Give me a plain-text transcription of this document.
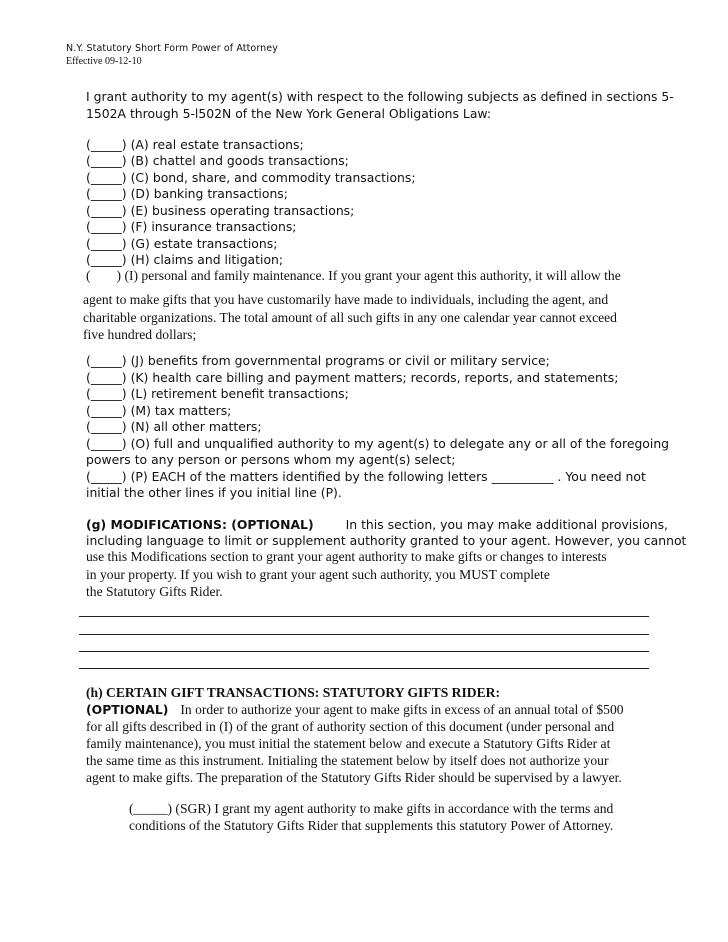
N.Y. Statutory Short Form Power of Attorney
Effective 09-12-10
I grant authority to my agent(s) with respect to the following subjects as defined in sections 5-
1502A through 5-l502N of the New York General Obligations Law:
(_____) (A) real estate transactions;
(_____) (B) chattel and goods transactions;
(_____) (C) bond, share, and commodity transactions;
(_____) (D) banking transactions;
(_____) (E) business operating transactions;
(_____) (F) insurance transactions;
(_____) (G) estate transactions;
(_____) (H) claims and litigation;
( ) (I) personal and family maintenance. If you grant your agent this authority, it will allow the
agent to make gifts that you have customarily have made to individuals, including the agent, and
charitable organizations. The total amount of all such gifts in any one calendar year cannot exceed
five hundred dollars;
(_____) (J) benefits from governmental programs or civil or military service;
(_____) (K) health care billing and payment matters; records, reports, and statements;
(_____) (L) retirement benefit transactions;
(_____) (M) tax matters;
(_____) (N) all other matters;
(_____) (O) full and unqualified authority to my agent(s) to delegate any or all of the foregoing
powers to any person or persons whom my agent(s) select;
(_____) (P) EACH of the matters identified by the following letters __________ . You need not
initial the other lines if you initial line (P).
(g) MODIFICATIONS: (OPTIONAL)	In this section, you may make additional provisions,
including language to limit or supplement authority granted to your agent. However, you cannot
use this Modifications section to grant your agent authority to make gifts or changes to interests
in your property. If you wish to grant your agent such authority, you MUST complete
the Statutory Gifts Rider.
(h) CERTAIN GIFT TRANSACTIONS: STATUTORY GIFTS RIDER:
(OPTIONAL) In order to authorize your agent to make gifts in excess of an annual total of $500
for all gifts described in (I) of the grant of authority section of this document (under personal and
family maintenance), you must initial the statement below and execute a Statutory Gifts Rider at
the same time as this instrument. Initialing the statement below by itself does not authorize your
agent to make gifts. The preparation of the Statutory Gifts Rider should be supervised by a lawyer.
(_____) (SGR) I grant my agent authority to make gifts in accordance with the terms and
conditions of the Statutory Gifts Rider that supplements this statutory Power of Attorney.
